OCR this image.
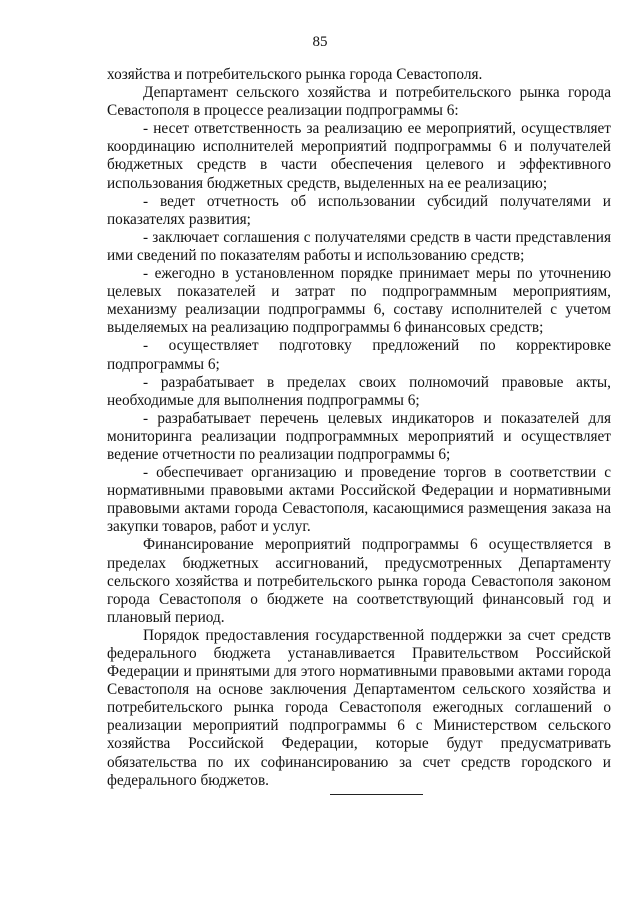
85

хозяйства и потребительского рынка города Севастополя.

Департамент сельского хозяйства и потребительского рынка города Севастополя в процессе реализации подпрограммы 6:

- несет ответственность за реализацию ее мероприятий, осуществляет координацию исполнителей мероприятий подпрограммы 6 и получателей бюджетных средств в части обеспечения целевого и эффективного использования бюджетных средств, выделенных на ее реализацию;

- ведет отчетность об использовании субсидий получателями и показателях развития;

- заключает соглашения с получателями средств в части представления ими сведений по показателям работы и использованию средств;

- ежегодно в установленном порядке принимает меры по уточнению целевых показателей и затрат по подпрограммным мероприятиям, механизму реализации подпрограммы 6, составу исполнителей с учетом выделяемых на реализацию подпрограммы 6 финансовых средств;

- осуществляет подготовку предложений по корректировке подпрограммы 6;

- разрабатывает в пределах своих полномочий правовые акты, необходимые для выполнения подпрограммы 6;

- разрабатывает перечень целевых индикаторов и показателей для мониторинга реализации подпрограммных мероприятий и осуществляет ведение отчетности по реализации подпрограммы 6;

- обеспечивает организацию и проведение торгов в соответствии с нормативными правовыми актами Российской Федерации и нормативными правовыми актами города Севастополя, касающимися размещения заказа на закупки товаров, работ и услуг.

Финансирование мероприятий подпрограммы 6 осуществляется в пределах бюджетных ассигнований, предусмотренных Департаменту сельского хозяйства и потребительского рынка города Севастополя законом города Севастополя о бюджете на соответствующий финансовый год и плановый период.

Порядок предоставления государственной поддержки за счет средств федерального бюджета устанавливается Правительством Российской Федерации и принятыми для этого нормативными правовыми актами города Севастополя на основе заключения Департаментом сельского хозяйства и потребительского рынка города Севастополя ежегодных соглашений о реализации мероприятий подпрограммы 6 с Министерством сельского хозяйства Российской Федерации, которые будут предусматривать обязательства по их софинансированию за счет средств городского и федерального бюджетов.
